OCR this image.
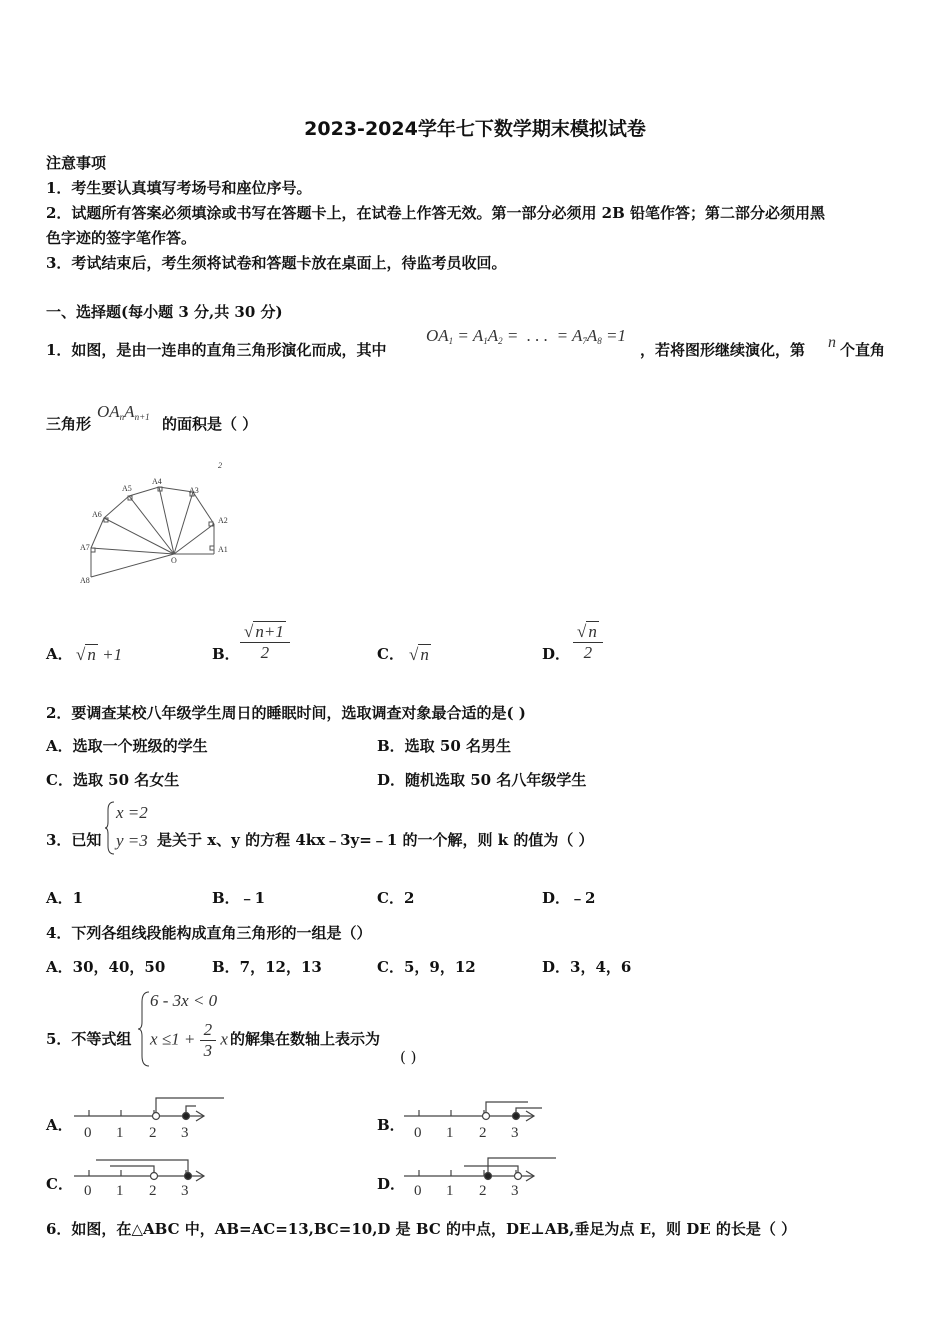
2023-2024学年七下数学期末模拟试卷
注意事项
1．考生要认真填写考场号和座位序号。
2．试题所有答案必须填涂或书写在答题卡上，在试卷上作答无效。第一部分必须用 2B 铅笔作答；第二部分必须用黑
色字迹的签字笔作答。
3．考试结束后，考生须将试卷和答题卡放在桌面上，待监考员收回。
一、选择题(每小题 3 分,共 30 分)
1．如图，是由一连串的直角三角形演化而成，其中
$OA_1 = A_1A_2$ =  . . .  = $A_7A_8 =1$
，若将图形继续演化，第 n 个直角
三角形
$OA_nA_{n+1}$ 的面积是（ ）
A5
A4
A3
A6
A2
A7	A1
A8
O
2
A． √ n +1	B． $\frac{√ n+1}{2}$	C． √ n	D． $\frac{√ n}{2}$
2．要调查某校八年级学生周日的睡眠时间，选取调查对象最合适的是( )
A．选取一个班级的学生	B．选取 50 名男生
C．选取 50 名女生	D．随机选取 50 名八年级学生
3．已知
x =2
y =3 是关于 x、y 的方程 4kx﹣3y=﹣1 的一个解，则 k 的值为（ ）
A．1	B．﹣1	C．2	D．﹣2
4．下列各组线段能构成直角三角形的一组是（）
A．30，40，50	B．7，12，13	C．5，9，12	D．3，4，6
5．不等式组
6 - 3x < 0
$x \le 1 + \frac{2}{3}$ x 的解集在数轴上表示为
( )
A．	B．
C．	D．
0 1 2 3	0 1 2 3
0 1 2 3	0 1 2 3
6．如图，在△ABC 中，AB=AC=13,BC=10,D 是 BC 的中点，DE⊥AB,垂足为点 E，则 DE 的长是（ ）
